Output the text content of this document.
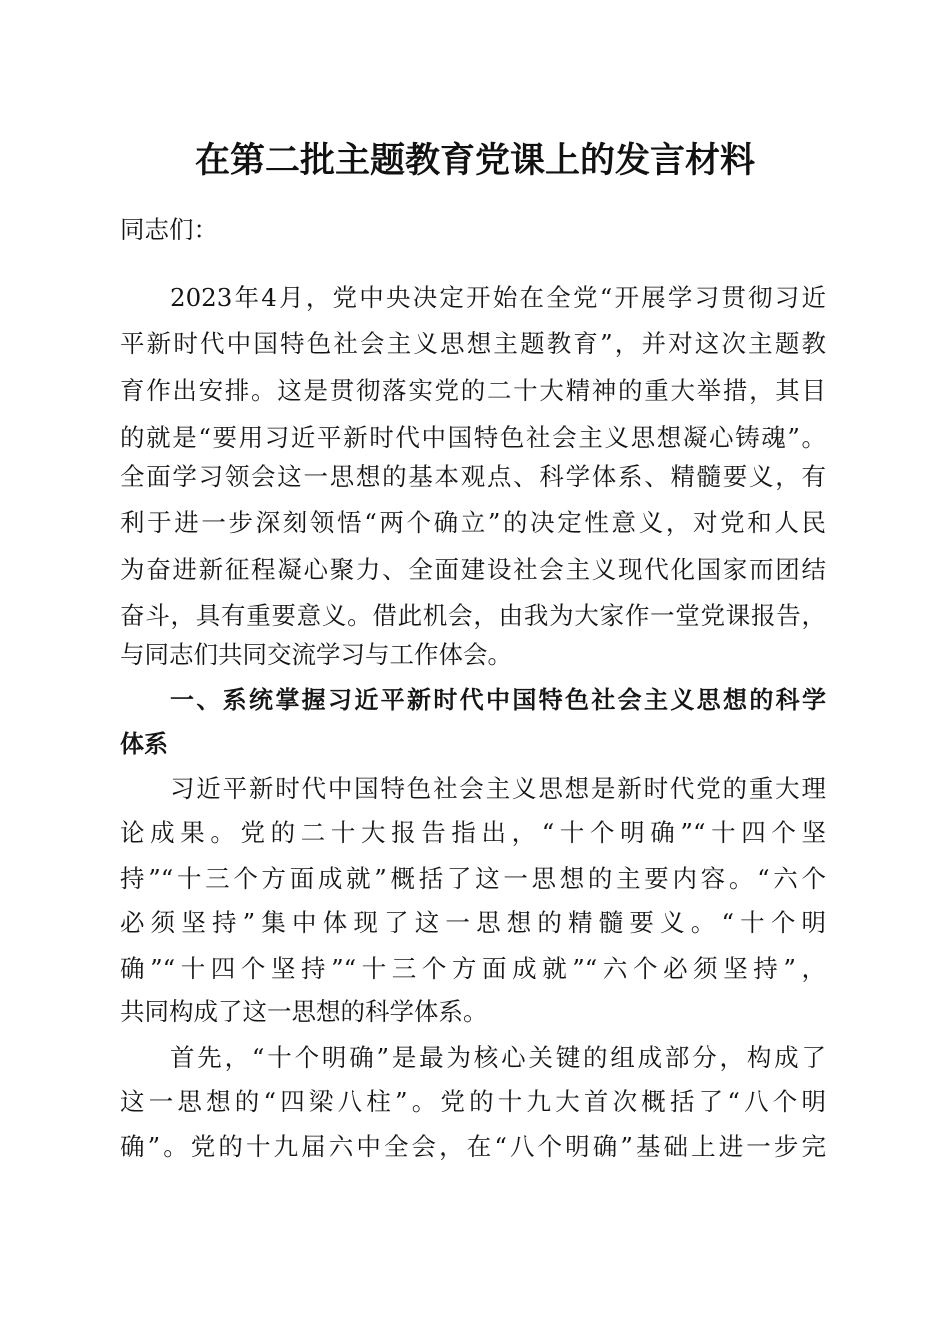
在第二批主题教育党课上的发言材料
同志们：
2023年4月，党中央决定开始在全党“开展学习贯彻习近
平新时代中国特色社会主义思想主题教育”，并对这次主题教
育作出安排。这是贯彻落实党的二十大精神的重大举措，其目
的就是“要用习近平新时代中国特色社会主义思想凝心铸魂”。
全面学习领会这一思想的基本观点、科学体系、精髓要义，有
利于进一步深刻领悟“两个确立”的决定性意义，对党和人民
为奋进新征程凝心聚力、全面建设社会主义现代化国家而团结
奋斗，具有重要意义。借此机会，由我为大家作一堂党课报告，
与同志们共同交流学习与工作体会。
一、系统掌握习近平新时代中国特色社会主义思想的科学
体系
习近平新时代中国特色社会主义思想是新时代党的重大理
论成果。党的二十大报告指出，“十个明确”“十四个坚
持”“十三个方面成就”概括了这一思想的主要内容。“六个
必须坚持”集中体现了这一思想的精髓要义。“十个明
确”“十四个坚持”“十三个方面成就”“六个必须坚持”，
共同构成了这一思想的科学体系。
首先，“十个明确”是最为核心关键的组成部分，构成了
这一思想的“四梁八柱”。党的十九大首次概括了“八个明
确”。党的十九届六中全会，在“八个明确”基础上进一步完
